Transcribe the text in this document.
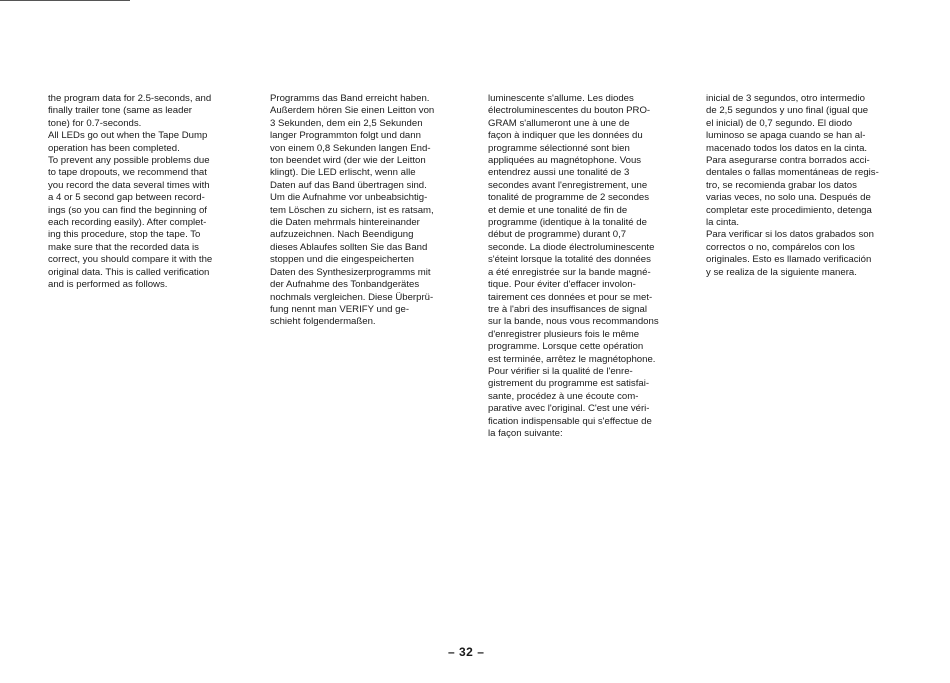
the program data for 2.5-seconds, and
finally trailer tone (same as leader
tone) for 0.7-seconds.
All LEDs go out when the Tape Dump
operation has been completed.
To prevent any possible problems due
to tape dropouts, we recommend that
you record the data several times with
a 4 or 5 second gap between record-
ings (so you can find the beginning of
each recording easily). After complet-
ing this procedure, stop the tape. To
make sure that the recorded data is
correct, you should compare it with the
original data. This is called verification
and is performed as follows.

Programms das Band erreicht haben.
Außerdem hören Sie einen Leitton von
3 Sekunden, dem ein 2,5 Sekunden
langer Programmton folgt und dann
von einem 0,8 Sekunden langen End-
ton beendet wird (der wie der Leitton
klingt). Die LED erlischt, wenn alle
Daten auf das Band übertragen sind.
Um die Aufnahme vor unbeabsichtig-
tem Löschen zu sichern, ist es ratsam,
die Daten mehrmals hintereinander
aufzuzeichnen. Nach Beendigung
dieses Ablaufes sollten Sie das Band
stoppen und die eingespeicherten
Daten des Synthesizerprogramms mit
der Aufnahme des Tonbandgerätes
nochmals vergleichen. Diese Überprü-
fung nennt man VERIFY und ge-
schieht folgendermaßen.

luminescente s'allume. Les diodes
électroluminescentes du bouton PRO-
GRAM s'allumeront une à une de
façon à indiquer que les données du
programme sélectionné sont bien
appliquées au magnétophone. Vous
entendrez aussi une tonalité de 3
secondes avant l'enregistrement, une
tonalité de programme de 2 secondes
et demie et une tonalité de fin de
programme (identique à la tonalité de
début de programme) durant 0,7
seconde. La diode électroluminescente
s'éteint lorsque la totalité des données
a été enregistrée sur la bande magné-
tique. Pour éviter d'effacer involon-
tairement ces données et pour se met-
tre à l'abri des insuffisances de signal
sur la bande, nous vous recommandons
d'enregistrer plusieurs fois le même
programme. Lorsque cette opération
est terminée, arrêtez le magnétophone.
Pour vérifier si la qualité de l'enre-
gistrement du programme est satisfai-
sante, procédez à une écoute com-
parative avec l'original. C'est une véri-
fication indispensable qui s'effectue de
la façon suivante:

inicial de 3 segundos, otro intermedio
de 2,5 segundos y uno final (igual que
el inicial) de 0,7 segundo. El diodo
luminoso se apaga cuando se han al-
macenado todos los datos en la cinta.
Para asegurarse contra borrados acci-
dentales o fallas momentáneas de regis-
tro, se recomienda grabar los datos
varias veces, no solo una. Después de
completar este procedimiento, detenga
la cinta.
Para verificar si los datos grabados son
correctos o no, compárelos con los
originales. Esto es llamado verificación
y se realiza de la siguiente manera.

– 32 –
